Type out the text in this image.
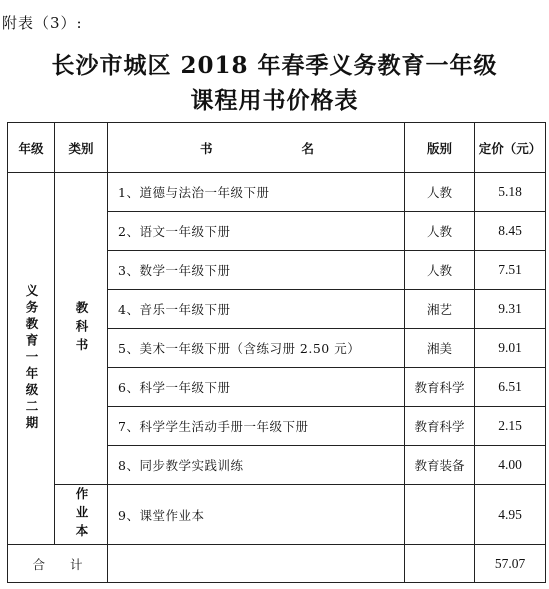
附表（3）:
长沙市城区 2018 年春季义务教育一年级
课程用书价格表
年级	类别	书 名	版别	定价（元）

义务教育一年级二期	教科书	1、道德与法治一年级下册	人教	5.18
		2、语文一年级下册	人教	8.45
		3、数学一年级下册	人教	7.51
		4、音乐一年级下册	湘艺	9.31
		5、美术一年级下册（含练习册 2.50 元）	湘美	9.01
		6、科学一年级下册	教育科学	6.51
		7、科学学生活动手册一年级下册	教育科学	2.15
		8、同步教学实践训练	教育装备	4.00

	作业本	9、课堂作业本		4.95
合　　计				57.07
